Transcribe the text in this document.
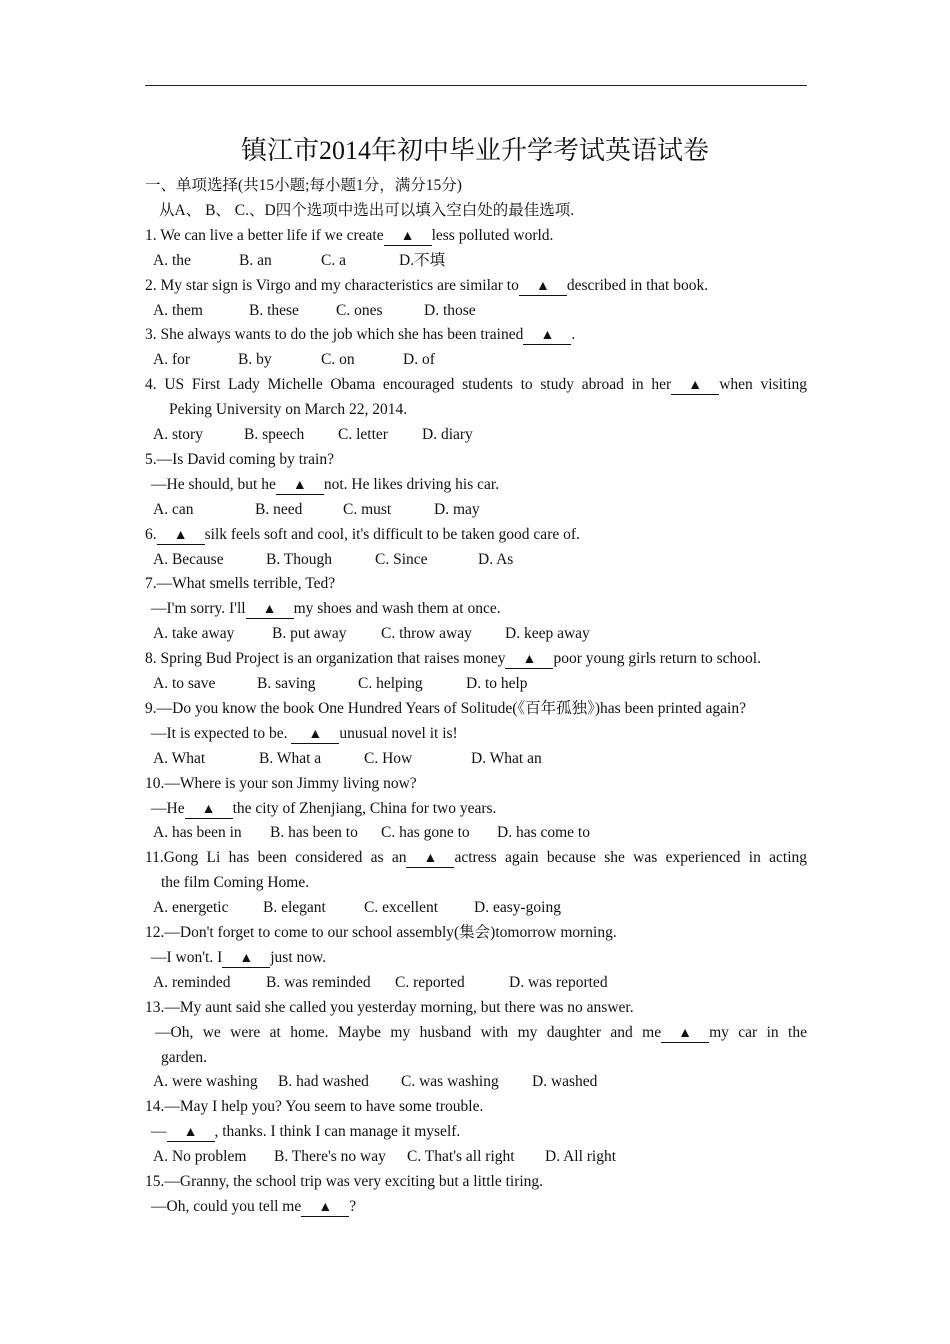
镇江市2014年初中毕业升学考试英语试卷
一、单项选择(共15小题;每小题1分，满分15分)
从A、 B、 C.、D四个选项中选出可以填入空白处的最佳选项.
1. We can live a better life if we create ▲ less polluted world.
A. the	B. an	C. a	D.不填
2. My star sign is Virgo and my characteristics are similar to ▲ described in that book.
A. them	B. these C. ones	D. those
3. She always wants to do the job which she has been trained ▲ .
A. for	B. by	C. on	D. of
4. US First Lady Michelle Obama encouraged students to study abroad in her ▲ when visiting
Peking University on March 22, 2014.
A. story	B. speech C. letter D. diary
5.—Is David coming by train?
—He should, but he ▲ not. He likes driving his car.
A. can	B. need	C. must	D. may
6. ▲ silk feels soft and cool, it's difficult to be taken good care of.
A. Because	B. Though	C. Since	D. As
7.—What smells terrible, Ted?
—I'm sorry. I'll ▲ my shoes and wash them at once.
A. take away B. put away C. throw away D. keep away
8. Spring Bud Project is an organization that raises money ▲ poor young girls return to school.
A. to save	B. saving	C. helping	D. to help
9.—Do you know the book One Hundred Years of Solitude(《百年孤独》)has been printed again?
—It is expected to be. ▲ unusual novel it is!
A. What	B. What a	C. How	D. What an
10.—Where is your son Jimmy living now?
—He ▲ the city of Zhenjiang, China for two years.
A. has been in B. has been to C. has gone to D. has come to
11.Gong Li has been considered as an ▲ actress again because she was experienced in acting
the film Coming Home.
A. energetic B. elegant C. excellent D. easy-going
12.—Don't forget to come to our school assembly(集会)tomorrow morning.
—I won't. I ▲ just now.
A. reminded B. was reminded C. reported	D. was reported
13.—My aunt said she called you yesterday morning, but there was no answer.
—Oh, we were at home. Maybe my husband with my daughter and me ▲ my car in the
garden.
A. were washing B. had washed C. was washing D. washed
14.—May I help you? You seem to have some trouble.
— ▲ , thanks. I think I can manage it myself.
A. No problem B. There's no way C. That's all right D. All right
15.—Granny, the school trip was very exciting but a little tiring.
—Oh, could you tell me ▲ ?
